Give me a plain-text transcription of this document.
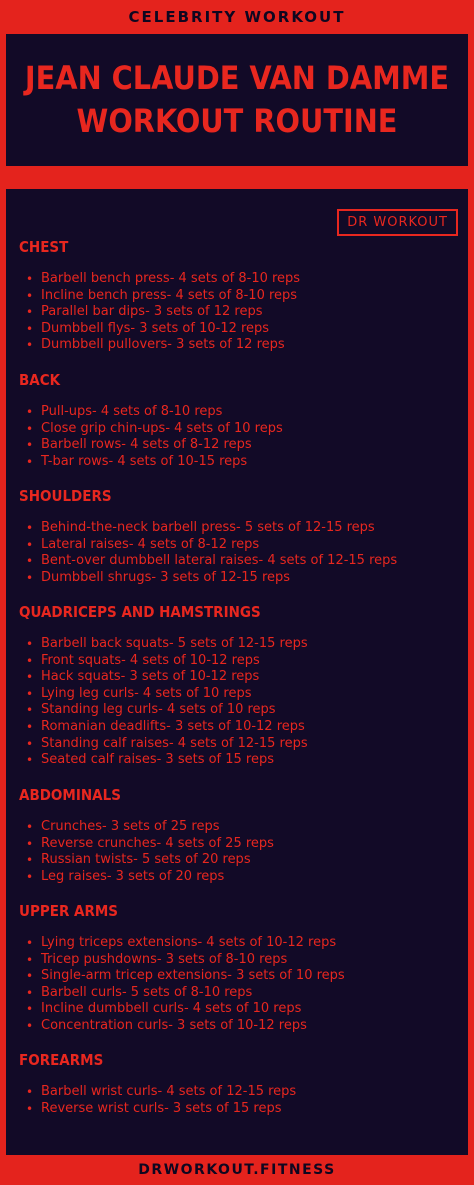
CELEBRITY WORKOUT
JEAN CLAUDE VAN DAMME
WORKOUT ROUTINE
DR WORKOUT
CHEST
• Barbell bench press- 4 sets of 8-10 reps
• Incline bench press- 4 sets of 8-10 reps
• Parallel bar dips- 3 sets of 12 reps
• Dumbbell flys- 3 sets of 10-12 reps
• Dumbbell pullovers- 3 sets of 12 reps
BACK
• Pull-ups- 4 sets of 8-10 reps
• Close grip chin-ups- 4 sets of 10 reps
• Barbell rows- 4 sets of 8-12 reps
• T-bar rows- 4 sets of 10-15 reps
SHOULDERS
• Behind-the-neck barbell press- 5 sets of 12-15 reps
• Lateral raises- 4 sets of 8-12 reps
• Bent-over dumbbell lateral raises- 4 sets of 12-15 reps
• Dumbbell shrugs- 3 sets of 12-15 reps
QUADRICEPS AND HAMSTRINGS
• Barbell back squats- 5 sets of 12-15 reps
• Front squats- 4 sets of 10-12 reps
• Hack squats- 3 sets of 10-12 reps
• Lying leg curls- 4 sets of 10 reps
• Standing leg curls- 4 sets of 10 reps
• Romanian deadlifts- 3 sets of 10-12 reps
• Standing calf raises- 4 sets of 12-15 reps
• Seated calf raises- 3 sets of 15 reps
ABDOMINALS
• Crunches- 3 sets of 25 reps
• Reverse crunches- 4 sets of 25 reps
• Russian twists- 5 sets of 20 reps
• Leg raises- 3 sets of 20 reps
UPPER ARMS
• Lying triceps extensions- 4 sets of 10-12 reps
• Tricep pushdowns- 3 sets of 8-10 reps
• Single-arm tricep extensions- 3 sets of 10 reps
• Barbell curls- 5 sets of 8-10 reps
• Incline dumbbell curls- 4 sets of 10 reps
• Concentration curls- 3 sets of 10-12 reps
FOREARMS
• Barbell wrist curls- 4 sets of 12-15 reps
• Reverse wrist curls- 3 sets of 15 reps
DRWORKOUT.FITNESS
